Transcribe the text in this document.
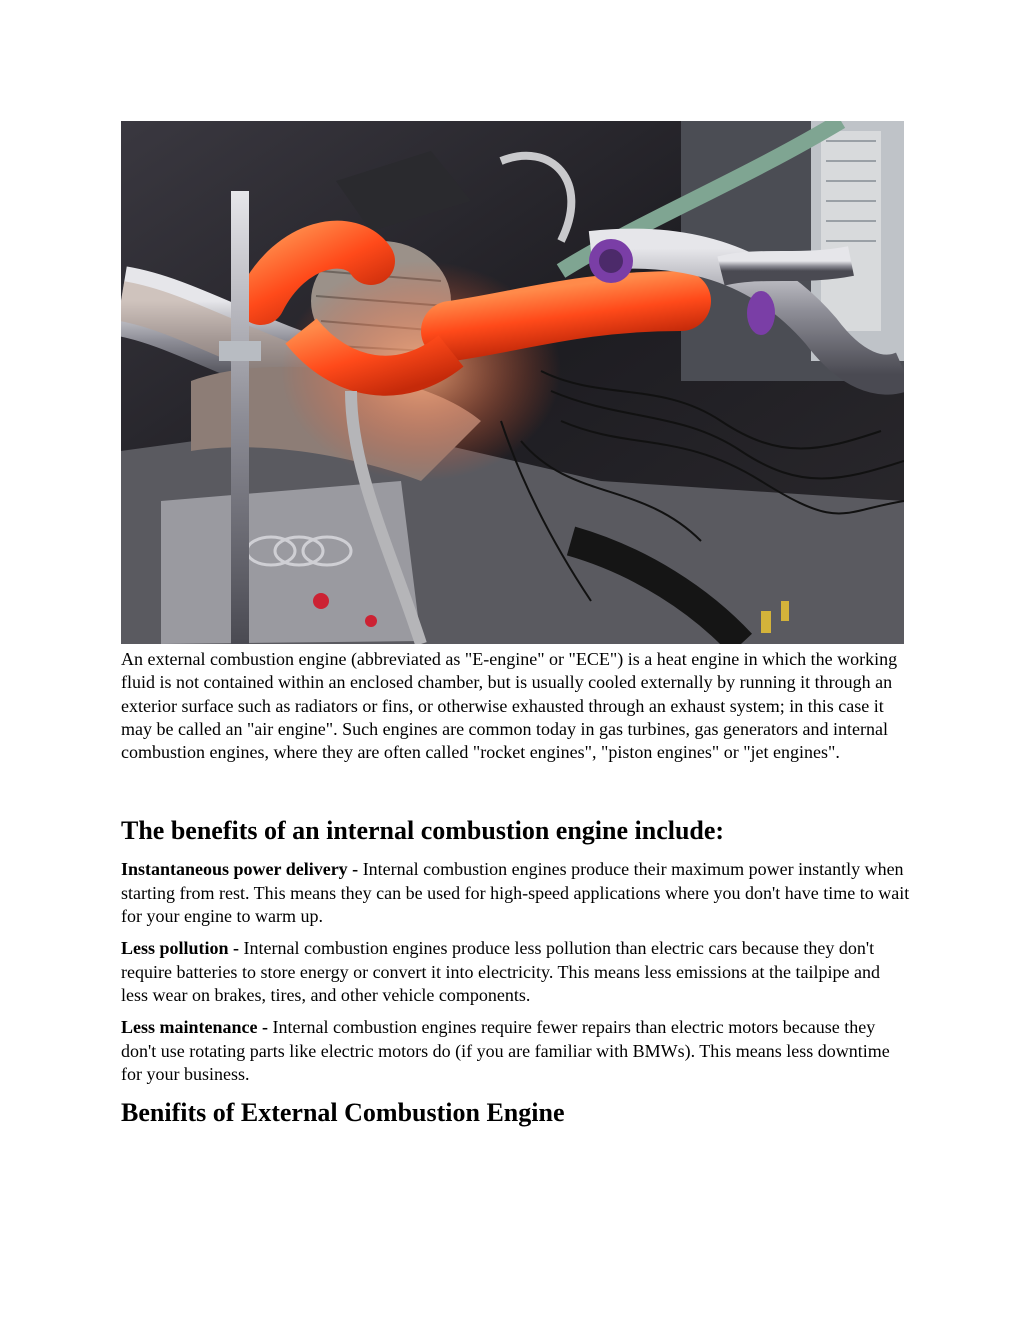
An external combustion engine (abbreviated as "E-engine" or "ECE") is a heat engine in which the working fluid is not contained within an enclosed chamber, but is usually cooled externally by running it through an exterior surface such as radiators or fins, or otherwise exhausted through an exhaust system; in this case it may be called an "air engine". Such engines are common today in gas turbines, gas generators and internal combustion engines, where they are often called "rocket engines", "piston engines" or "jet engines".

The benefits of an internal combustion engine include:

Instantaneous power delivery - Internal combustion engines produce their maximum power instantly when starting from rest. This means they can be used for high-speed applications where you don't have time to wait for your engine to warm up.

Less pollution - Internal combustion engines produce less pollution than electric cars because they don't require batteries to store energy or convert it into electricity. This means less emissions at the tailpipe and less wear on brakes, tires, and other vehicle components.

Less maintenance - Internal combustion engines require fewer repairs than electric motors because they don't use rotating parts like electric motors do (if you are familiar with BMWs). This means less downtime for your business.

Benifits of External Combustion Engine
